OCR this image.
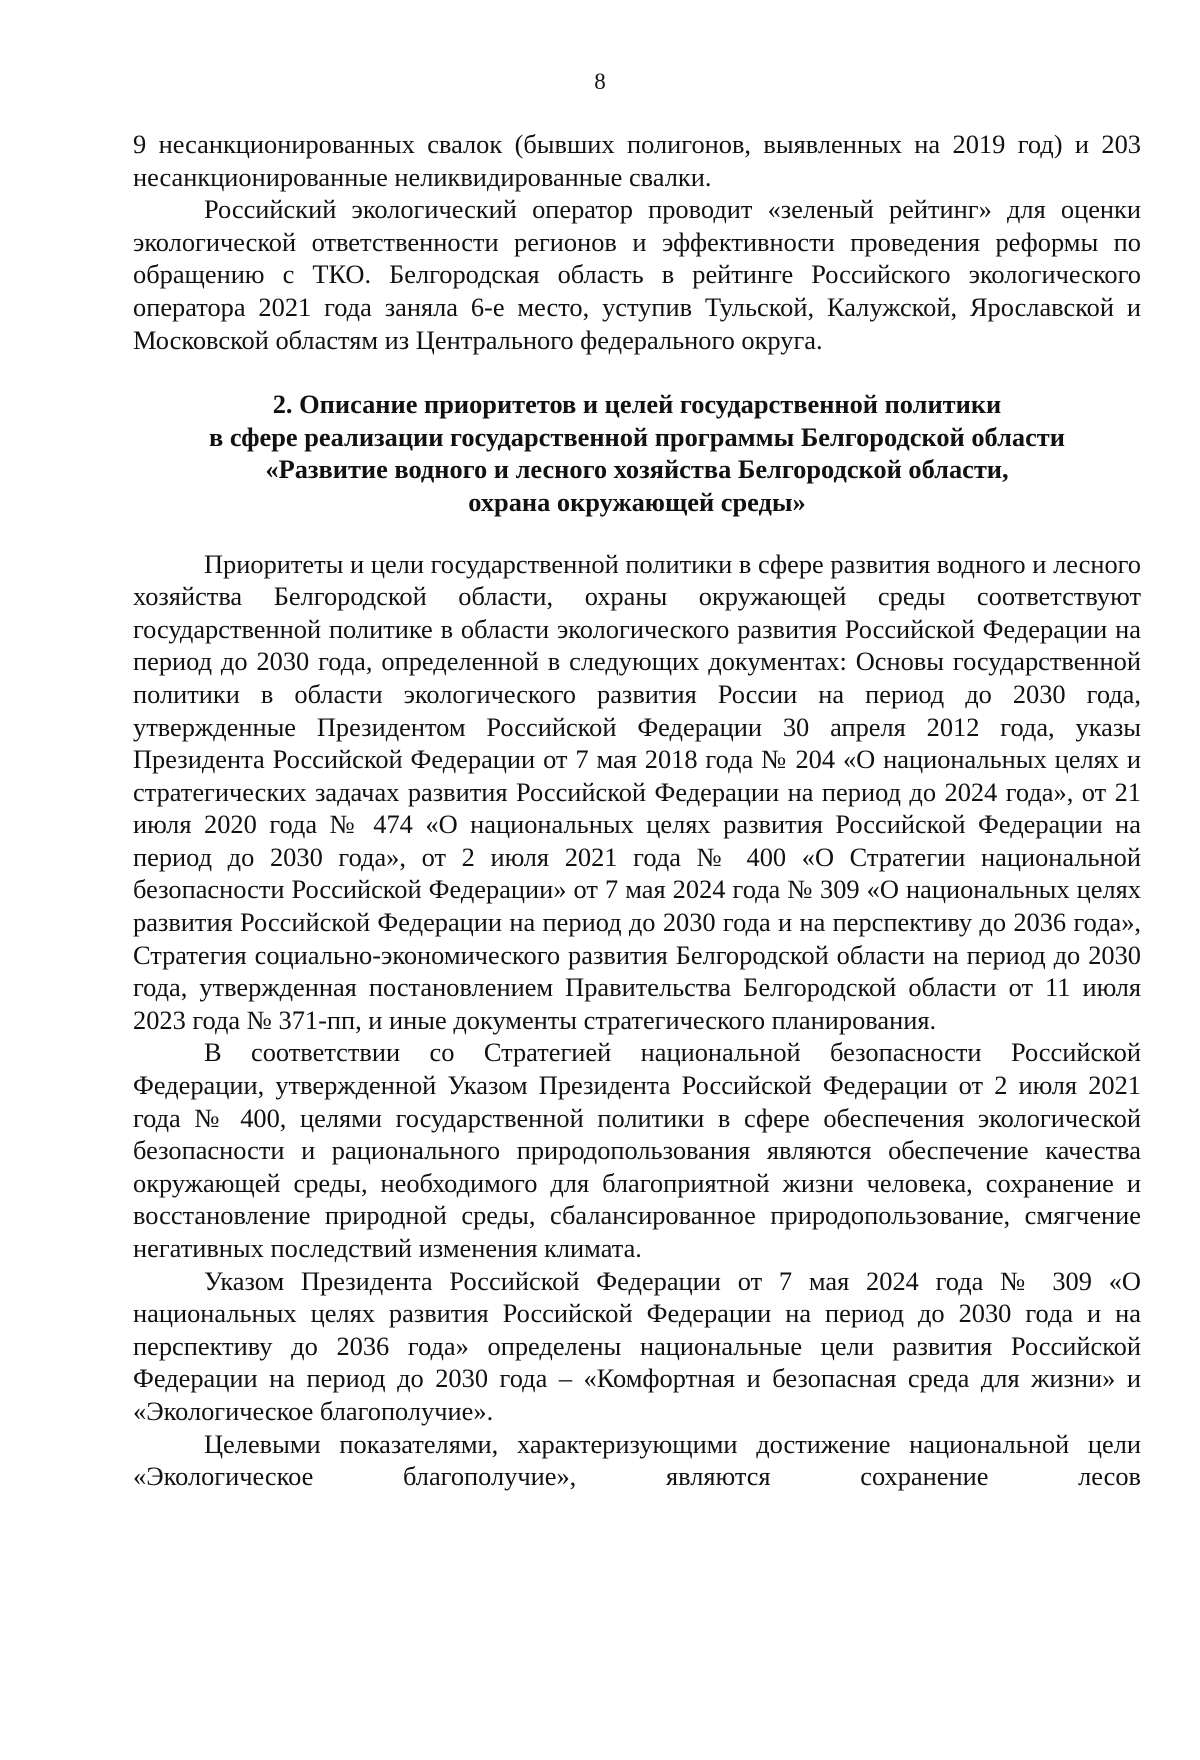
8

9 несанкционированных свалок (бывших полигонов, выявленных на 2019 год) и 203 несанкционированные неликвидированные свалки.

Российский экологический оператор проводит «зеленый рейтинг» для оценки экологической ответственности регионов и эффективности проведения реформы по обращению с ТКО. Белгородская область в рейтинге Российского экологического оператора 2021 года заняла 6-е место, уступив Тульской, Калужской, Ярославской и Московской областям из Центрального федерального округа.

2. Описание приоритетов и целей государственной политики

в сфере реализации государственной программы Белгородской области

«Развитие водного и лесного хозяйства Белгородской области,

охрана окружающей среды»

Приоритеты и цели государственной политики в сфере развития водного и лесного хозяйства Белгородской области, охраны окружающей среды соответствуют государственной политике в области экологического развития Российской Федерации на период до 2030 года, определенной в следующих документах: Основы государственной политики в области экологического развития России на период до 2030 года, утвержденные Президентом Российской Федерации 30 апреля 2012 года, указы Президента Российской Федерации от 7 мая 2018 года № 204 «О национальных целях и стратегических задачах развития Российской Федерации на период до 2024 года», от 21 июля 2020 года № 474 «О национальных целях развития Российской Федерации на период до 2030 года», от 2 июля 2021 года № 400 «О Стратегии национальной безопасности Российской Федерации» от 7 мая 2024 года № 309 «О национальных целях развития Российской Федерации на период до 2030 года и на перспективу до 2036 года», Стратегия социально-экономического развития Белгородской области на период до 2030 года, утвержденная постановлением Правительства Белгородской области от 11 июля 2023 года № 371-пп, и иные документы стратегического планирования.

В соответствии со Стратегией национальной безопасности Российской Федерации, утвержденной Указом Президента Российской Федерации от 2 июля 2021 года № 400, целями государственной политики в сфере обеспечения экологической безопасности и рационального природопользования являются обеспечение качества окружающей среды, необходимого для благоприятной жизни человека, сохранение и восстановление природной среды, сбалансированное природопользование, смягчение негативных последствий изменения климата.

Указом Президента Российской Федерации от 7 мая 2024 года № 309 «О национальных целях развития Российской Федерации на период до 2030 года и на перспективу до 2036 года» определены национальные цели развития Российской Федерации на период до 2030 года – «Комфортная и безопасная среда для жизни» и «Экологическое благополучие».

Целевыми показателями, характеризующими достижение национальной цели «Экологическое благополучие», являются сохранение лесов
